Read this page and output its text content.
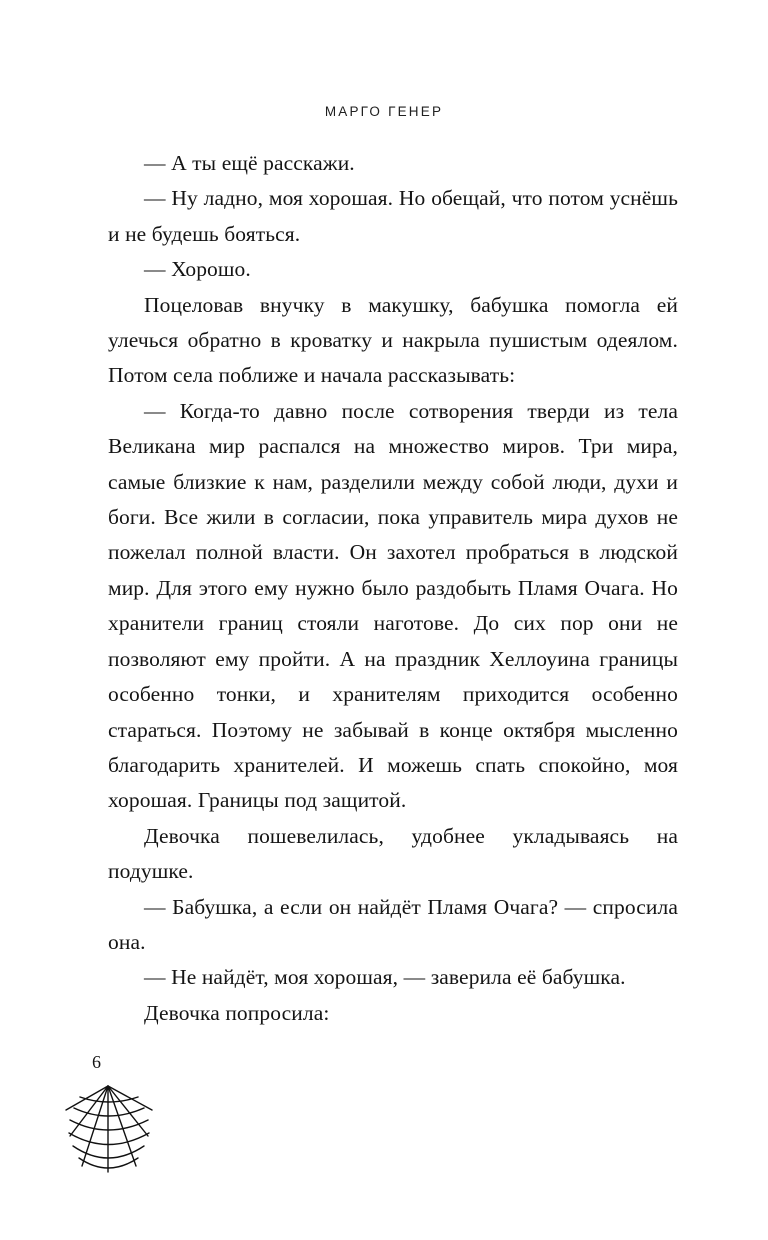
МАРГО ГЕНЕР

— А ты ещё расскажи.

— Ну ладно, моя хорошая. Но обещай, что потом уснёшь и не будешь бояться.

— Хорошо.

Поцеловав внучку в макушку, бабушка помогла ей улечься обратно в кроватку и накрыла пушистым одеялом. Потом села поближе и начала рассказывать:

— Когда-то давно после сотворения тверди из тела Великана мир распался на множество миров. Три мира, самые близкие к нам, разделили между собой люди, духи и боги. Все жили в согласии, пока управитель мира духов не пожелал полной власти. Он захотел пробраться в людской мир. Для этого ему нужно было раздобыть Пламя Очага. Но хранители границ стояли наготове. До сих пор они не позволяют ему пройти. А на праздник Хеллоуина границы особенно тонки, и хранителям приходится особенно стараться. Поэтому не забывай в конце октября мысленно благодарить хранителей. И можешь спать спокойно, моя хорошая. Границы под защитой.

Девочка пошевелилась, удобнее укладываясь на подушке.

— Бабушка, а если он найдёт Пламя Очага? — спросила она.

— Не найдёт, моя хорошая, — заверила её бабушка.

Девочка попросила:

6
